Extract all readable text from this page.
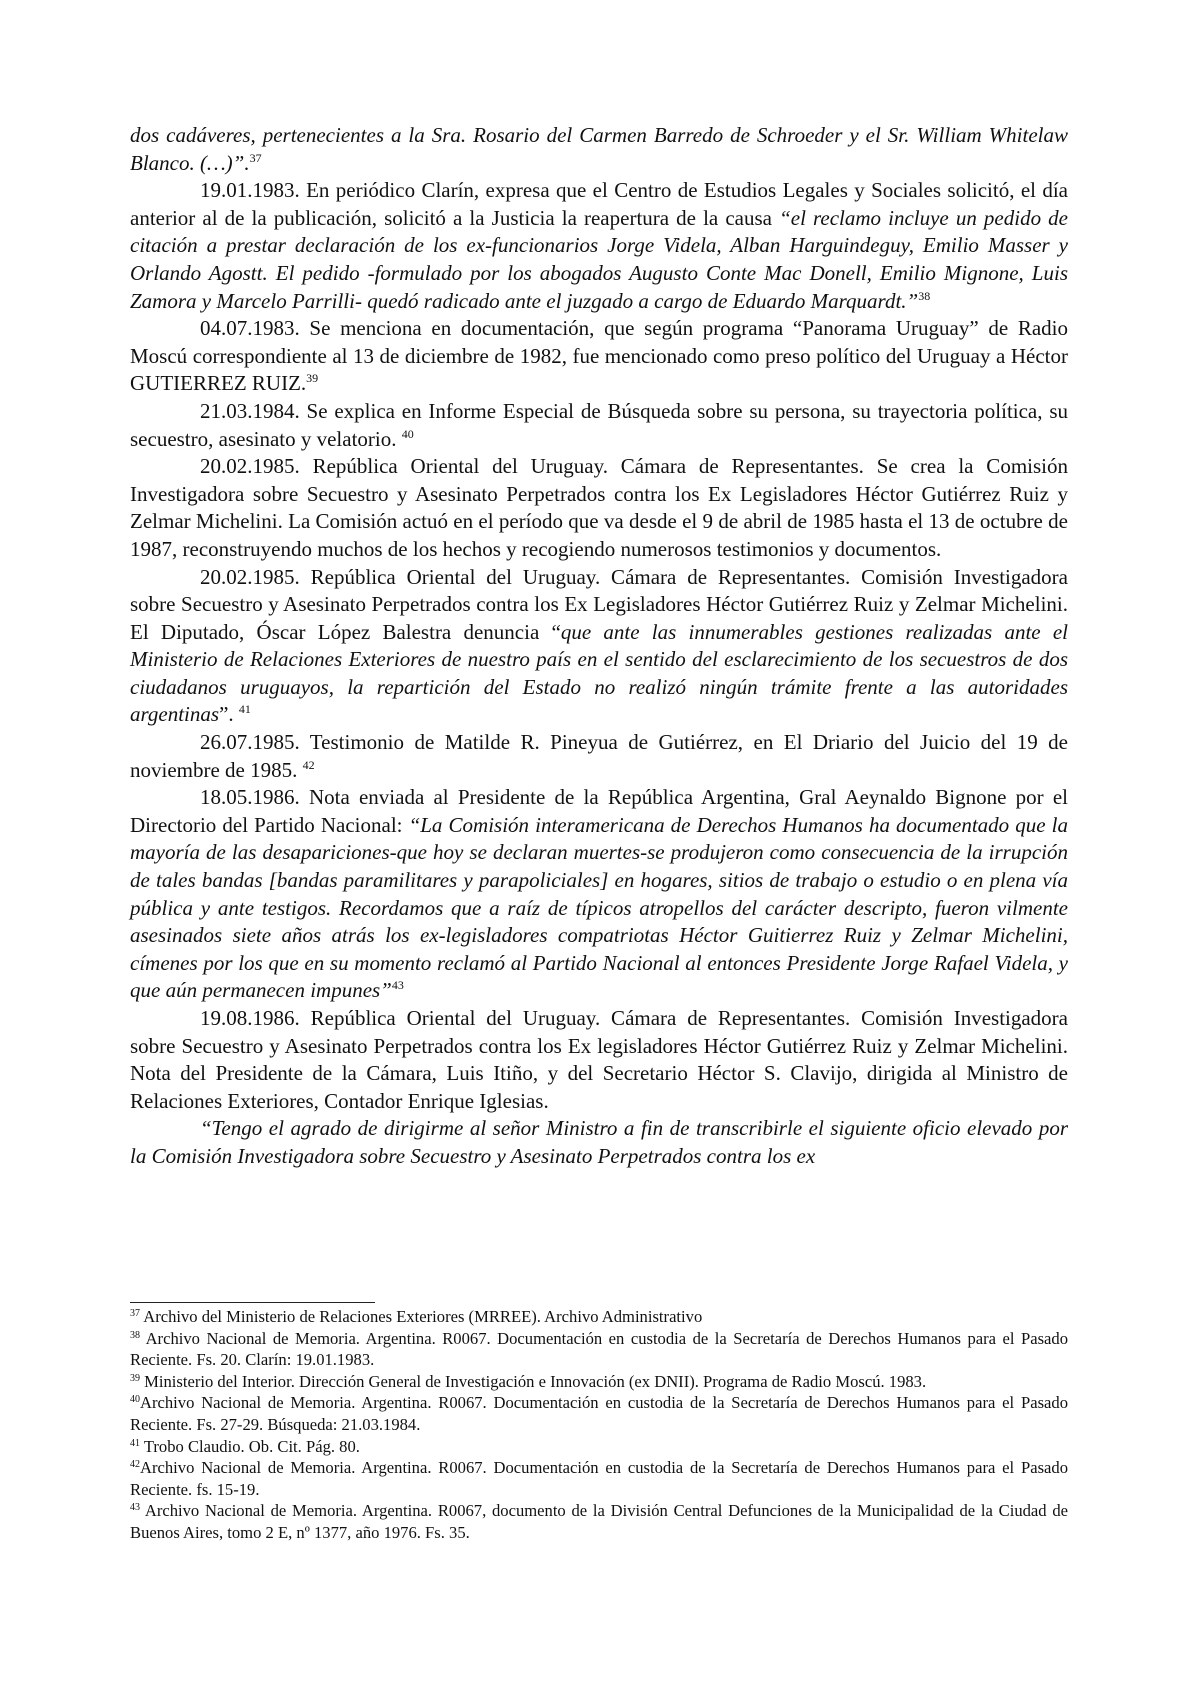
dos cadáveres, pertenecientes a la Sra. Rosario del Carmen Barredo de Schroeder y el Sr. William Whitelaw Blanco. (…)”.$^{37}$

19.01.1983. En periódico Clarín, expresa que el Centro de Estudios Legales y Sociales solicitó, el día anterior al de la publicación, solicitó a la Justicia la reapertura de la causa “el reclamo incluye un pedido de citación a prestar declaración de los ex-funcionarios Jorge Videla, Alban Harguindeguy, Emilio Masser y Orlando Agostt. El pedido -formulado por los abogados Augusto Conte Mac Donell, Emilio Mignone, Luis Zamora y Marcelo Parrilli- quedó radicado ante el juzgado a cargo de Eduardo Marquardt.”$^{38}$

04.07.1983. Se menciona en documentación, que según programa “Panorama Uruguay” de Radio Moscú correspondiente al 13 de diciembre de 1982, fue mencionado como preso político del Uruguay a Héctor GUTIERREZ RUIZ.$^{39}$

21.03.1984. Se explica en Informe Especial de Búsqueda sobre su persona, su trayectoria política, su secuestro, asesinato y velatorio. $^{40}$

20.02.1985. República Oriental del Uruguay. Cámara de Representantes. Se crea la Comisión Investigadora sobre Secuestro y Asesinato Perpetrados contra los Ex Legisladores Héctor Gutiérrez Ruiz y Zelmar Michelini. La Comisión actuó en el período que va desde el 9 de abril de 1985 hasta el 13 de octubre de 1987, reconstruyendo muchos de los hechos y recogiendo numerosos testimonios y documentos.

20.02.1985. República Oriental del Uruguay. Cámara de Representantes. Comisión Investigadora sobre Secuestro y Asesinato Perpetrados contra los Ex Legisladores Héctor Gutiérrez Ruiz y Zelmar Michelini. El Diputado, Óscar López Balestra denuncia “que ante las innumerables gestiones realizadas ante el Ministerio de Relaciones Exteriores de nuestro país en el sentido del esclarecimiento de los secuestros de dos ciudadanos uruguayos, la repartición del Estado no realizó ningún trámite frente a las autoridades argentinas”. $^{41}$

26.07.1985. Testimonio de Matilde R. Pineyua de Gutiérrez, en El Driario del Juicio del 19 de noviembre de 1985. $^{42}$

18.05.1986. Nota enviada al Presidente de la República Argentina, Gral Aeynaldo Bignone por el Directorio del Partido Nacional: “La Comisión interamericana de Derechos Humanos ha documentado que la mayoría de las desapariciones-que hoy se declaran muertes-se produjeron como consecuencia de la irrupción de tales bandas [bandas paramilitares y parapoliciales] en hogares, sitios de trabajo o estudio o en plena vía pública y ante testigos. Recordamos que a raíz de típicos atropellos del carácter descripto, fueron vilmente asesinados siete años atrás los ex-legisladores compatriotas Héctor Guitierrez Ruiz y Zelmar Michelini, címenes por los que en su momento reclamó al Partido Nacional al entonces Presidente Jorge Rafael Videla, y que aún permanecen impunes”$^{43}$

19.08.1986. República Oriental del Uruguay. Cámara de Representantes. Comisión Investigadora sobre Secuestro y Asesinato Perpetrados contra los Ex legisladores Héctor Gutiérrez Ruiz y Zelmar Michelini. Nota del Presidente de la Cámara, Luis Itiño, y del Secretario Héctor S. Clavijo, dirigida al Ministro de Relaciones Exteriores, Contador Enrique Iglesias.

“Tengo el agrado de dirigirme al señor Ministro a fin de transcribirle el siguiente oficio elevado por la Comisión Investigadora sobre Secuestro y Asesinato Perpetrados contra los ex

$^{37}$ Archivo del Ministerio de Relaciones Exteriores (MRREE). Archivo Administrativo

$^{38}$ Archivo Nacional de Memoria. Argentina. R0067. Documentación en custodia de la Secretaría de Derechos Humanos para el Pasado Reciente. Fs. 20. Clarín: 19.01.1983.

$^{39}$ Ministerio del Interior. Dirección General de Investigación e Innovación (ex DNII). Programa de Radio Moscú. 1983.

$^{40}$Archivo Nacional de Memoria. Argentina. R0067. Documentación en custodia de la Secretaría de Derechos Humanos para el Pasado Reciente. Fs. 27-29. Búsqueda: 21.03.1984.

$^{41}$ Trobo Claudio. Ob. Cit. Pág. 80.

$^{42}$Archivo Nacional de Memoria. Argentina. R0067. Documentación en custodia de la Secretaría de Derechos Humanos para el Pasado Reciente. fs. 15-19.

$^{43}$ Archivo Nacional de Memoria. Argentina. R0067, documento de la División Central Defunciones de la Municipalidad de la Ciudad de Buenos Aires, tomo 2 E, nº 1377, año 1976. Fs. 35.
